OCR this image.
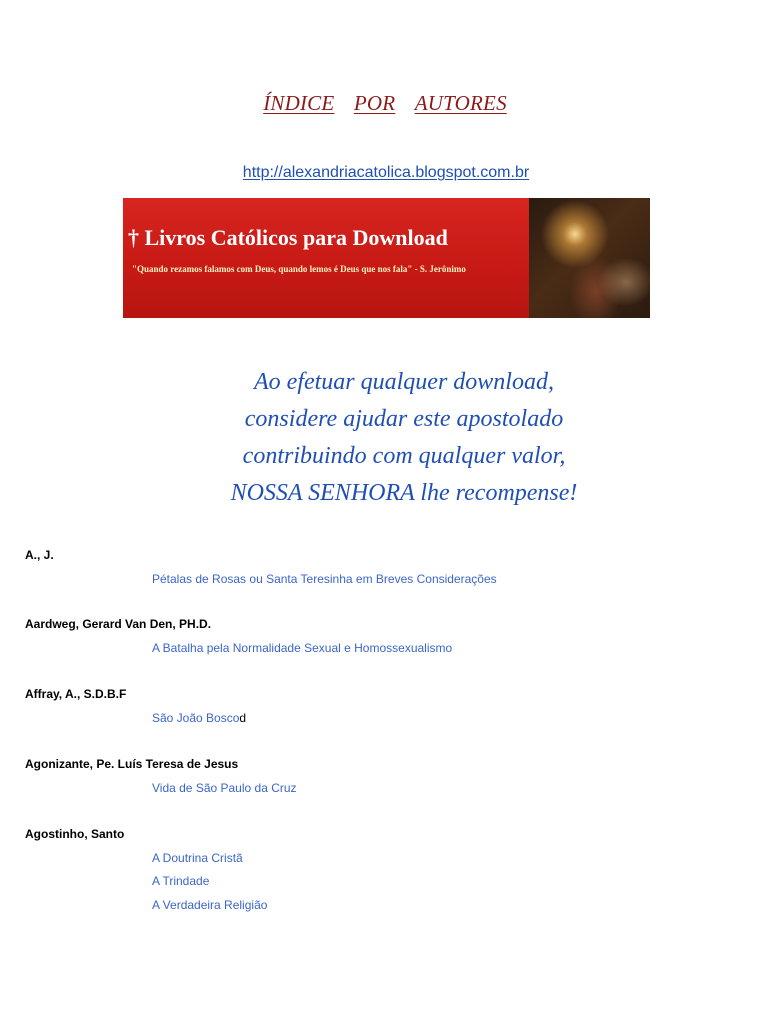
ÍNDICE POR AUTORES
http://alexandriacatolica.blogspot.com.br
† Livros Católicos para Download
"Quando rezamos falamos com Deus, quando lemos é Deus que nos fala" - S. Jerônimo
Ao efetuar qualquer download,
considere ajudar este apostolado
contribuindo com qualquer valor,
NOSSA SENHORA lhe recompense!
A., J.
Pétalas de Rosas ou Santa Teresinha em Breves Considerações
Aardweg, Gerard Van Den, PH.D.
A Batalha pela Normalidade Sexual e Homossexualismo
Affray, A., S.D.B.F
São João Boscod
Agonizante, Pe. Luís Teresa de Jesus
Vida de São Paulo da Cruz
Agostinho, Santo
A Doutrina Cristã
A Trindade
A Verdadeira Religião
